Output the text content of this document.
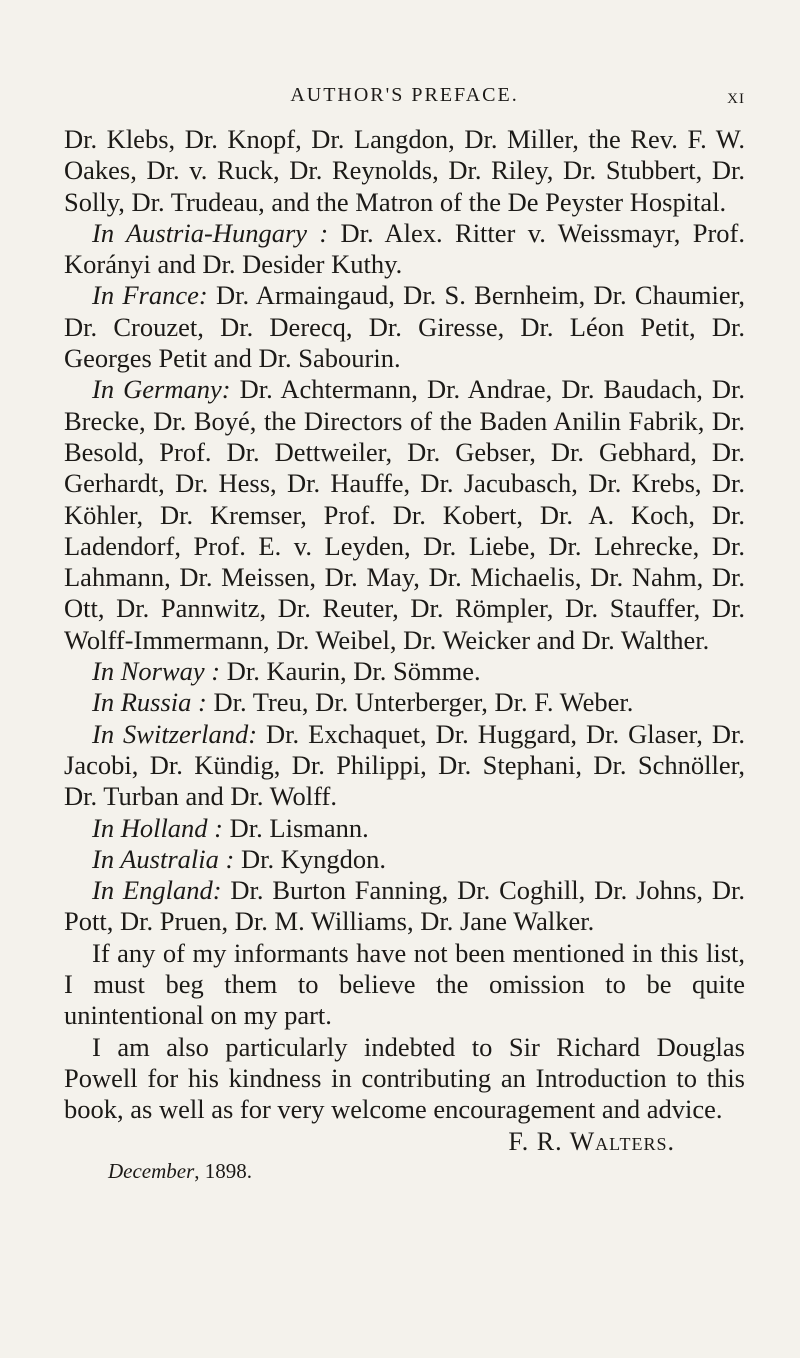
AUTHOR'S PREFACE.	xi

Dr. Klebs, Dr. Knopf, Dr. Langdon, Dr. Miller, the Rev. F. W. Oakes, Dr. v. Ruck, Dr. Reynolds, Dr. Riley, Dr. Stubbert, Dr. Solly, Dr. Trudeau, and the Matron of the De Peyster Hospital.

In Austria-Hungary : Dr. Alex. Ritter v. Weissmayr, Prof. Korányi and Dr. Desider Kuthy.

In France: Dr. Armaingaud, Dr. S. Bernheim, Dr. Chaumier, Dr. Crouzet, Dr. Derecq, Dr. Giresse, Dr. Léon Petit, Dr. Georges Petit and Dr. Sabourin.

In Germany: Dr. Achtermann, Dr. Andrae, Dr. Baudach, Dr. Brecke, Dr. Boyé, the Directors of the Baden Anilin Fabrik, Dr. Besold, Prof. Dr. Dettweiler, Dr. Gebser, Dr. Gebhard, Dr. Gerhardt, Dr. Hess, Dr. Hauffe, Dr. Jacubasch, Dr. Krebs, Dr. Köhler, Dr. Kremser, Prof. Dr. Kobert, Dr. A. Koch, Dr. Ladendorf, Prof. E. v. Leyden, Dr. Liebe, Dr. Lehrecke, Dr. Lahmann, Dr. Meissen, Dr. May, Dr. Michaelis, Dr. Nahm, Dr. Ott, Dr. Pannwitz, Dr. Reuter, Dr. Römpler, Dr. Stauffer, Dr. Wolff-Immermann, Dr. Weibel, Dr. Weicker and Dr. Walther.

In Norway : Dr. Kaurin, Dr. Sömme.

In Russia : Dr. Treu, Dr. Unterberger, Dr. F. Weber.

In Switzerland: Dr. Exchaquet, Dr. Huggard, Dr. Glaser, Dr. Jacobi, Dr. Kündig, Dr. Philippi, Dr. Stephani, Dr. Schnöller, Dr. Turban and Dr. Wolff.

In Holland : Dr. Lismann.

In Australia : Dr. Kyngdon.

In England: Dr. Burton Fanning, Dr. Coghill, Dr. Johns, Dr. Pott, Dr. Pruen, Dr. M. Williams, Dr. Jane Walker.

If any of my informants have not been mentioned in this list, I must beg them to believe the omission to be quite unintentional on my part.

I am also particularly indebted to Sir Richard Douglas Powell for his kindness in contributing an Introduction to this book, as well as for very welcome encouragement and advice.

F. R. Walters.
December, 1898.
